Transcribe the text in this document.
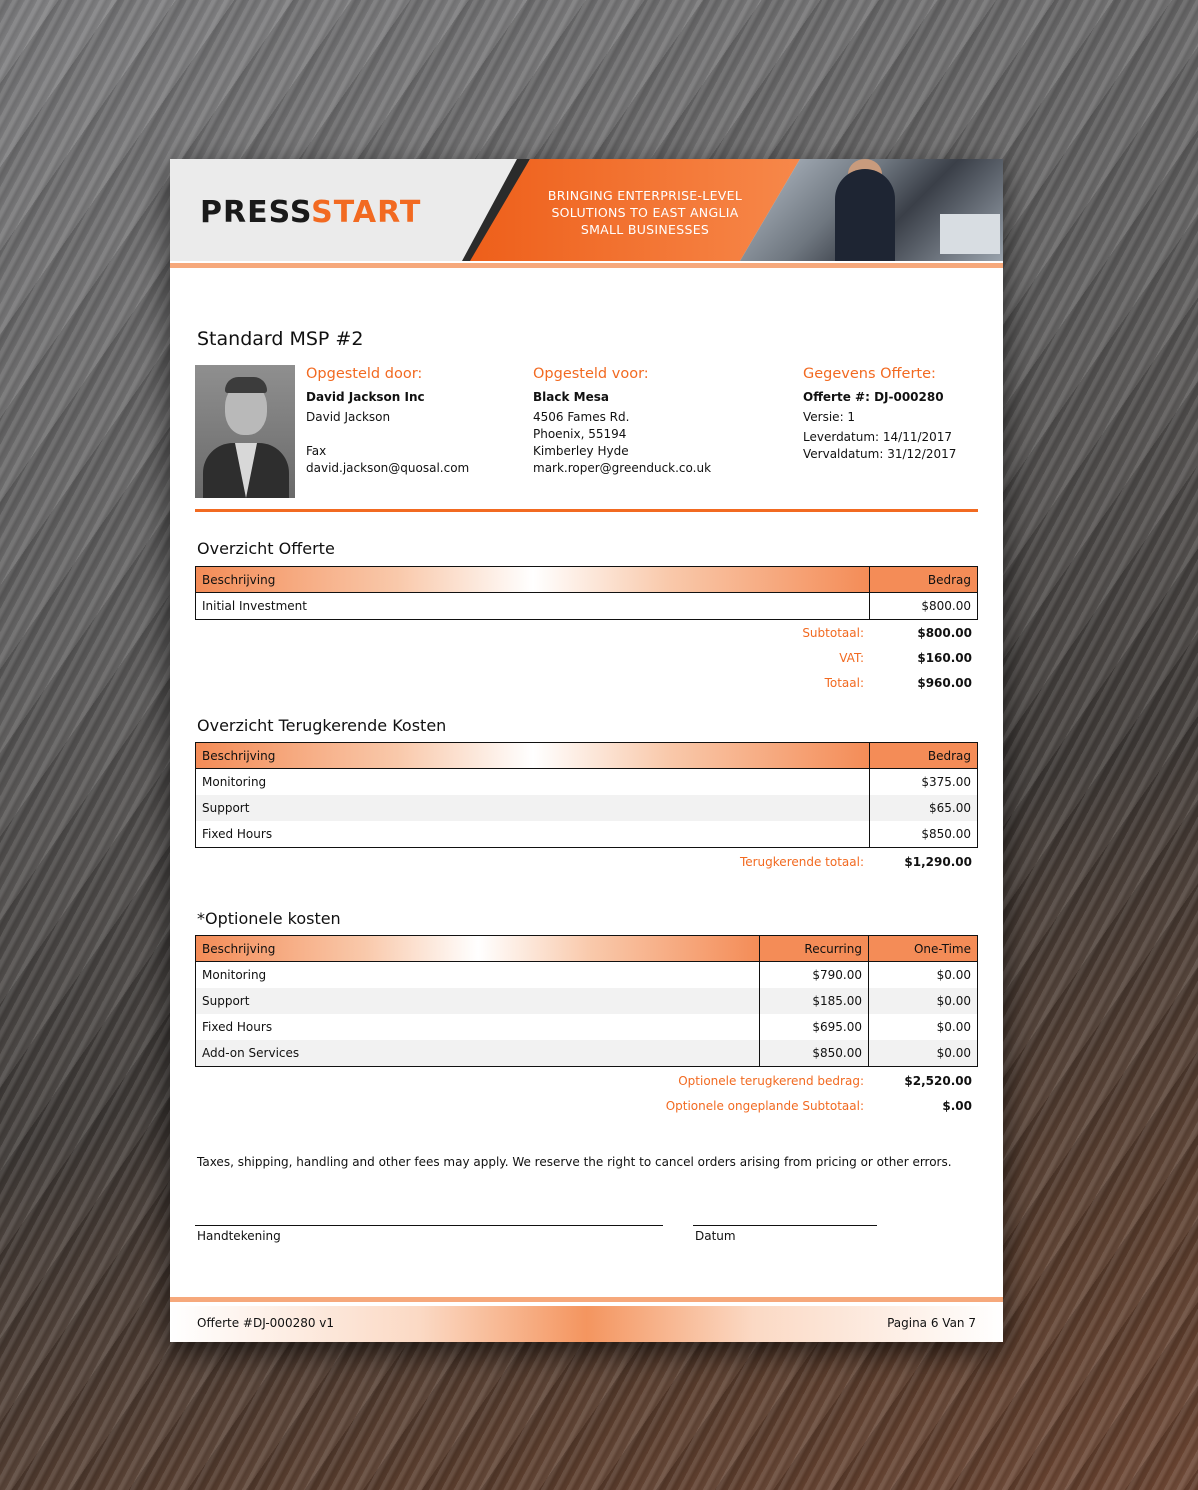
PRESSSTART	BRINGING ENTERPRISE-LEVEL
SOLUTIONS TO EAST ANGLIA
SMALL BUSINESSES
Standard MSP #2
Opgesteld door:
David Jackson Inc
David Jackson
Fax
david.jackson@quosal.com
Opgesteld voor:
Black Mesa
4506 Fames Rd.
Phoenix, 55194
Kimberley Hyde
mark.roper@greenduck.co.uk
Gegevens Offerte:
Offerte #: DJ-000280
Versie: 1
Leverdatum: 14/11/2017
Vervaldatum: 31/12/2017
Overzicht Offerte
Beschrijving	Bedrag
Initial Investment	$800.00
Subtotaal:	$800.00
VAT:	$160.00
Totaal:	$960.00
Overzicht Terugkerende Kosten
Beschrijving	Bedrag
Monitoring	$375.00
Support	$65.00
Fixed Hours	$850.00
Terugkerende totaal:	$1,290.00
*Optionele kosten
Beschrijving	Recurring	One-Time
Monitoring	$790.00	$0.00
Support	$185.00	$0.00
Fixed Hours	$695.00	$0.00
Add-on Services	$850.00	$0.00
Optionele terugkerend bedrag:	$2,520.00
Optionele ongeplande Subtotaal:	$.00
Taxes, shipping, handling and other fees may apply. We reserve the right to cancel orders arising from pricing or other errors.
Handtekening	Datum
Offerte #DJ-000280 v1	Pagina 6 Van 7
